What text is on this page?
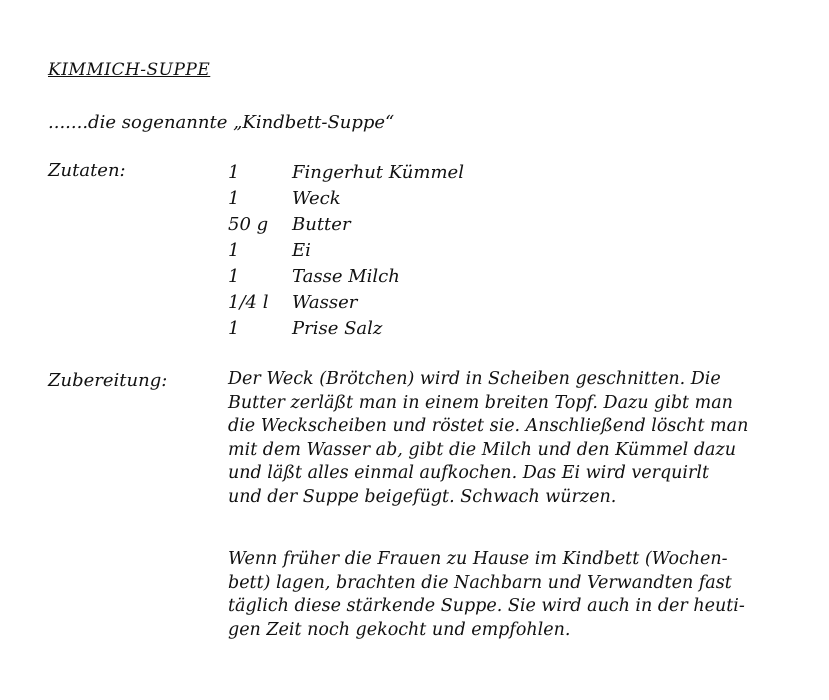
KIMMICH-SUPPE
.......die sogenannte „Kindbett-Suppe“
Zutaten:	1	Fingerhut Kümmel
1	Weck
50 g	Butter
1	Ei
1	Tasse Milch
1/4 l	Wasser
1	Prise Salz
Zubereitung:	Der Weck (Brötchen) wird in Scheiben geschnitten. Die
Butter zerläßt man in einem breiten Topf. Dazu gibt man
die Weckscheiben und röstet sie. Anschließend löscht man
mit dem Wasser ab, gibt die Milch und den Kümmel dazu
und läßt alles einmal aufkochen. Das Ei wird verquirlt
und der Suppe beigefügt. Schwach würzen.

Wenn früher die Frauen zu Hause im Kindbett (Wochen-
bett) lagen, brachten die Nachbarn und Verwandten fast
täglich diese stärkende Suppe. Sie wird auch in der heuti-
gen Zeit noch gekocht und empfohlen.
